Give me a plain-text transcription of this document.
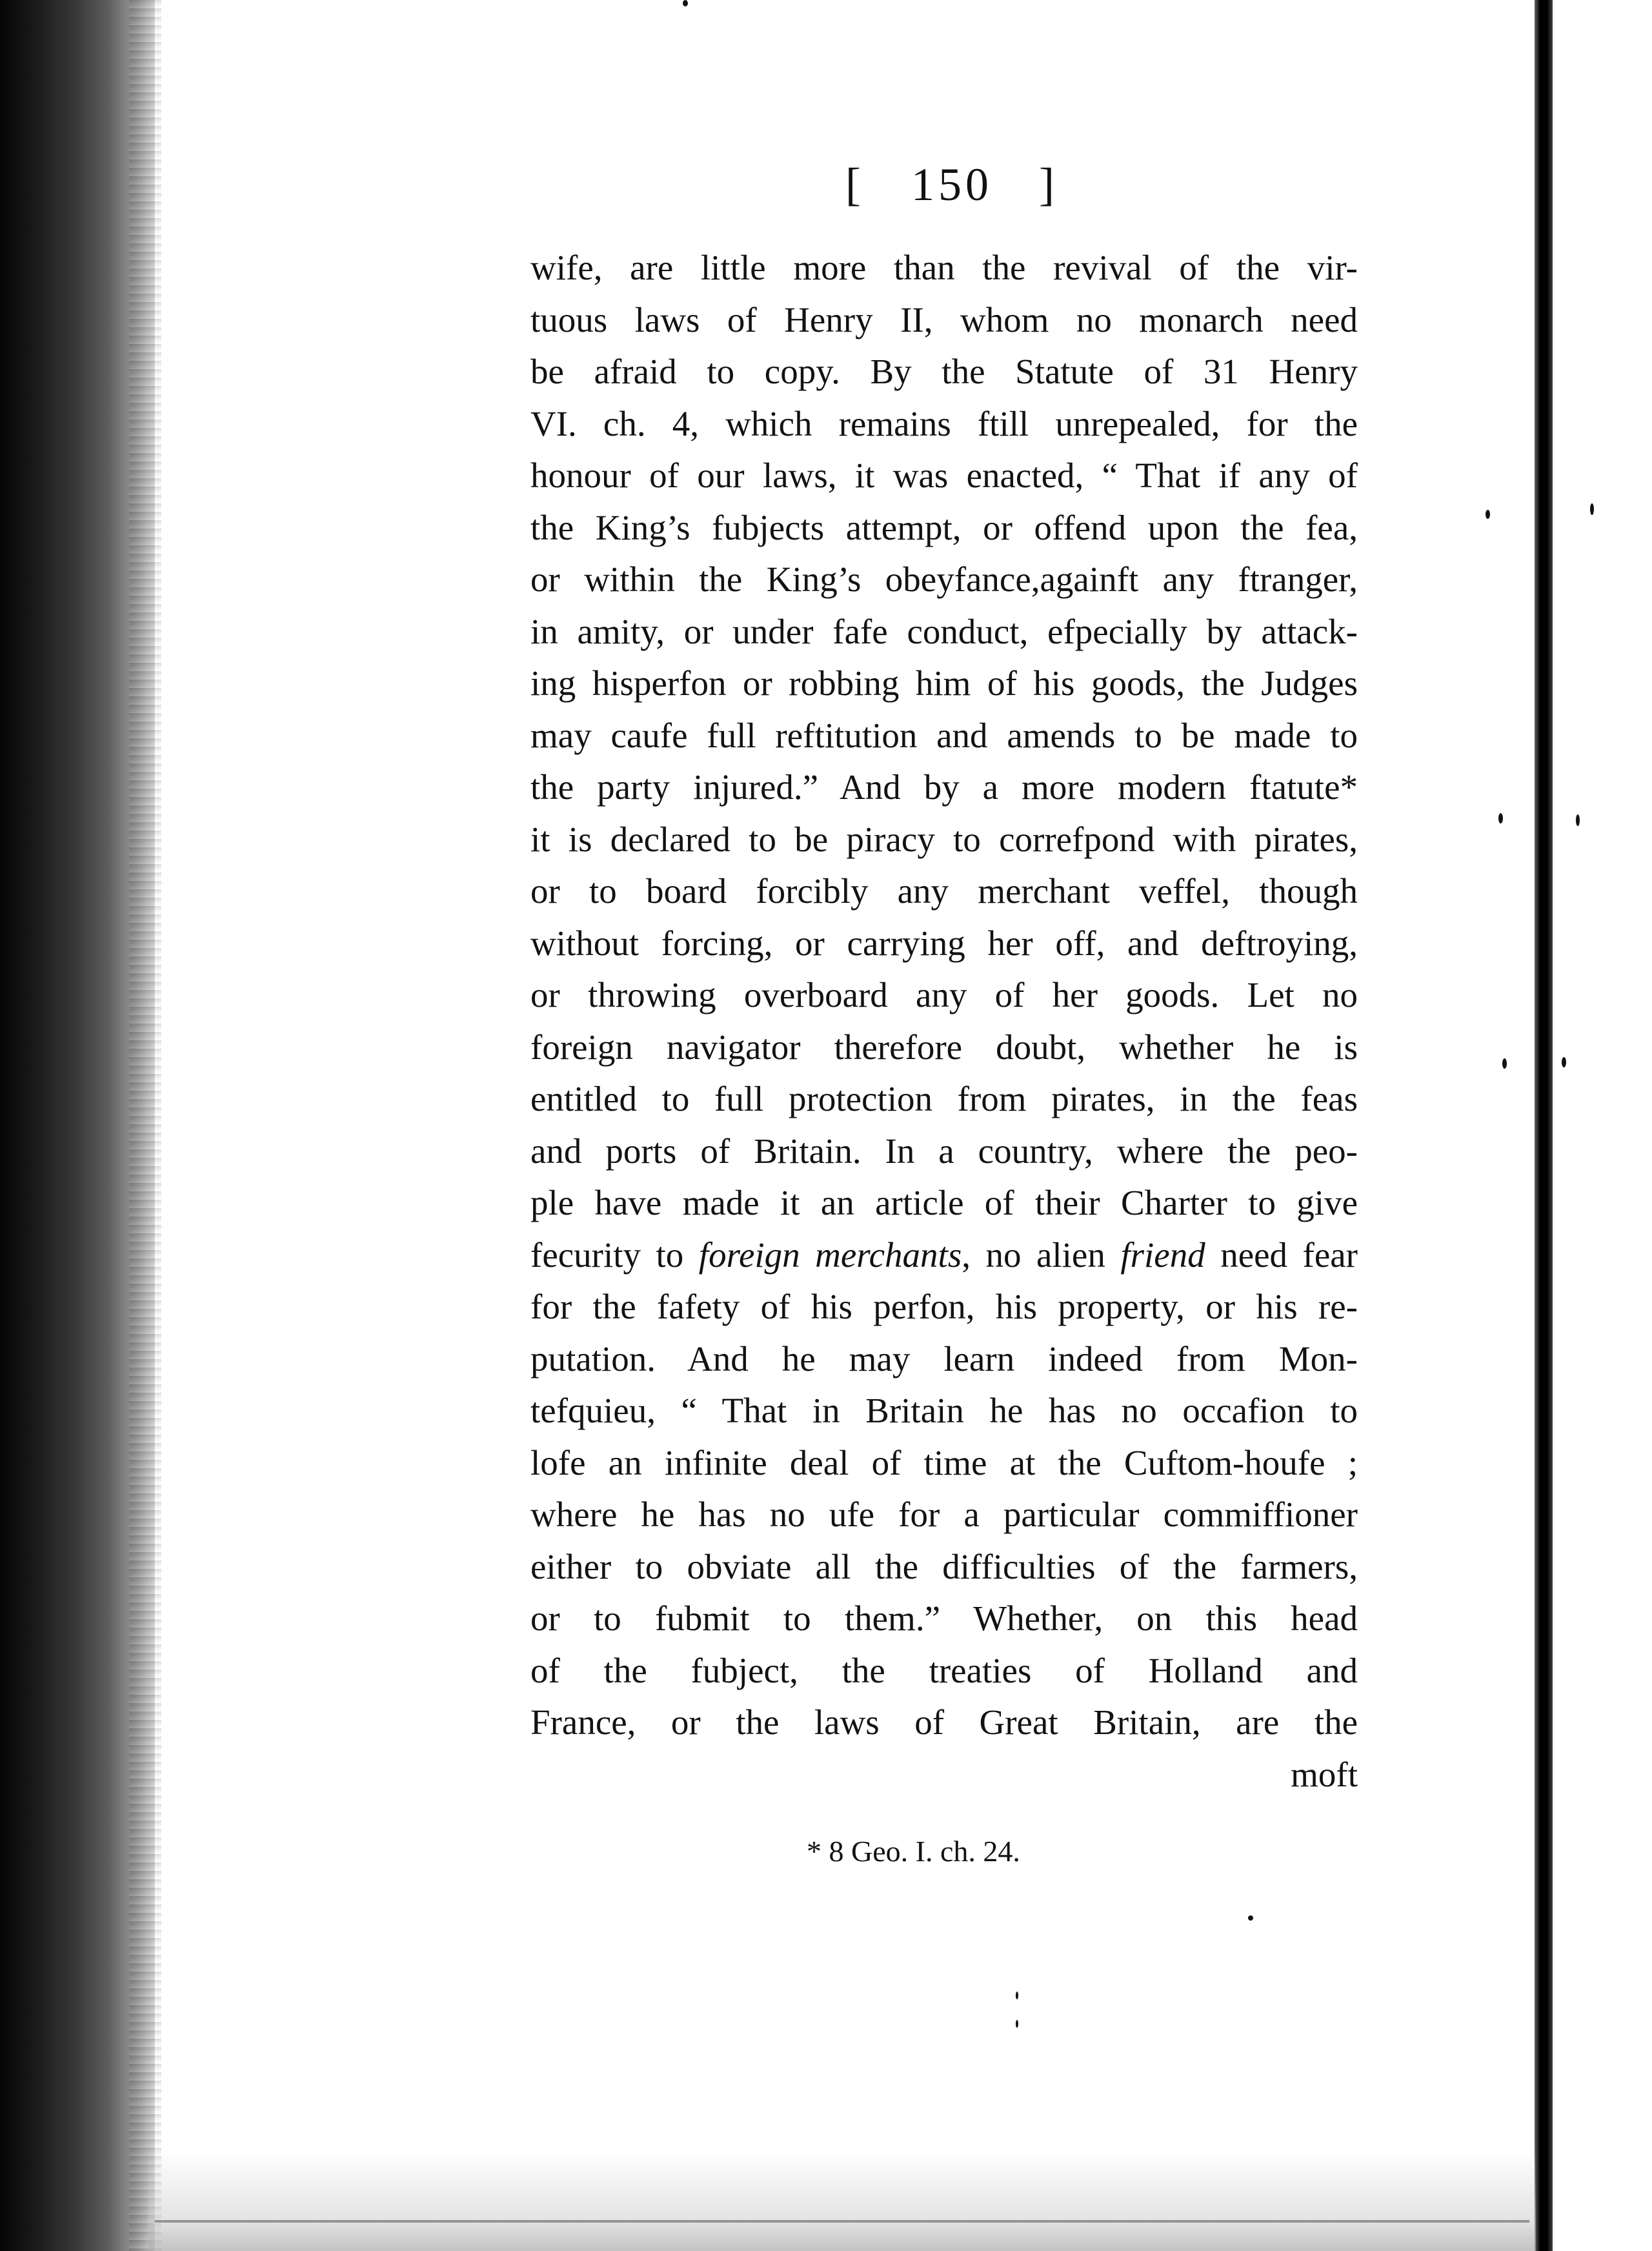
[   150   ]
wife, are little more than the revival of the vir-
tuous laws of Henry II, whom no monarch need
be afraid to copy. By the Statute of 31 Henry
VI. ch. 4, which remains ftill unrepealed, for the
honour of our laws, it was enacted, “ That if any of
the King’s fubjects attempt, or offend upon the fea,
or within the King’s obeyfance,againft any ftranger,
in amity, or under fafe conduct, efpecially by attack-
ing hisperfon or robbing him of his goods, the Judges
may caufe full reftitution and amends to be made to
the party injured.” And by a more modern ftatute*
it is declared to be piracy to correfpond with pirates,
or to board forcibly any merchant veffel, though
without forcing, or carrying her off, and deftroying,
or throwing overboard any of her goods. Let no
foreign navigator therefore doubt, whether he is
entitled to full protection from pirates, in the feas
and ports of Britain. In a country, where the peo-
ple have made it an article of their Charter to give
fecurity to foreign merchants, no alien friend need fear
for the fafety of his perfon, his property, or his re-
putation. And he may learn indeed from Mon-
tefquieu, “ That in Britain he has no occafion to
lofe an infinite deal of time at the Cuftom-houfe ;
where he has no ufe for a particular commiffioner
either to obviate all the difficulties of the farmers,
or to fubmit to them.” Whether, on this head
of the fubject, the treaties of Holland and
France, or the laws of Great Britain, are the
moft
* 8 Geo. I. ch. 24.
